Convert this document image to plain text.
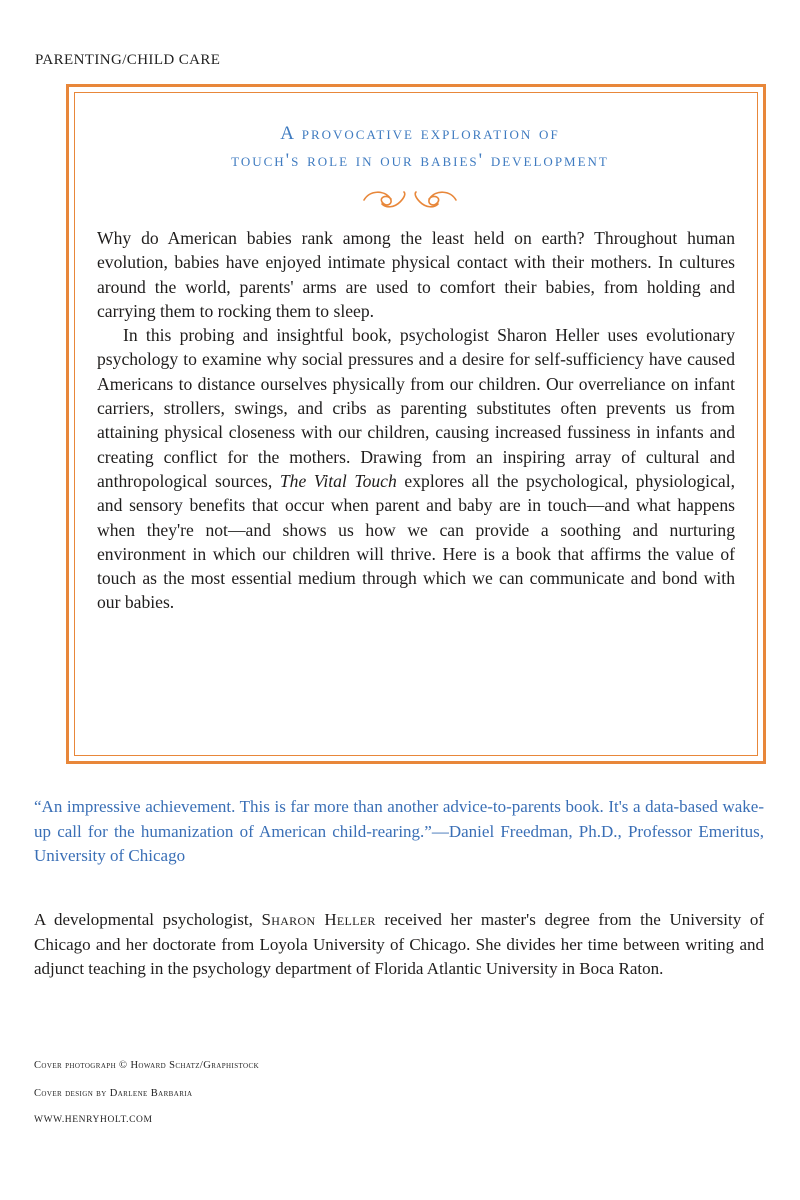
PARENTING/CHILD CARE
A provocative exploration of
touch's role in our babies' development

Why do American babies rank among the least held on earth? Throughout human evolution, babies have enjoyed intimate physical contact with their mothers. In cultures around the world, parents' arms are used to comfort their babies, from holding and carrying them to rocking them to sleep.

In this probing and insightful book, psychologist Sharon Heller uses evolutionary psychology to examine why social pressures and a desire for self-sufficiency have caused Americans to distance ourselves physically from our children. Our overreliance on infant carriers, strollers, swings, and cribs as parenting substitutes often prevents us from attaining physical closeness with our children, causing increased fussiness in infants and creating conflict for the mothers. Drawing from an inspiring array of cultural and anthropological sources, The Vital Touch explores all the psychological, physiological, and sensory benefits that occur when parent and baby are in touch—and what happens when they're not—and shows us how we can provide a soothing and nurturing environment in which our children will thrive. Here is a book that affirms the value of touch as the most essential medium through which we can communicate and bond with our babies.

“An impressive achievement. This is far more than another advice-to-parents book. It's a data-based wake-up call for the humanization of American child-rearing.”—Daniel Freedman, Ph.D., Professor Emeritus, University of Chicago
A developmental psychologist, Sharon Heller received her master's degree from the University of Chicago and her doctorate from Loyola University of Chicago. She divides her time between writing and adjunct teaching in the psychology department of Florida Atlantic University in Boca Raton.
Cover photograph © Howard Schatz/Graphistock
Cover design by Darlene Barbaria
WWW.HENRYHOLT.COM
